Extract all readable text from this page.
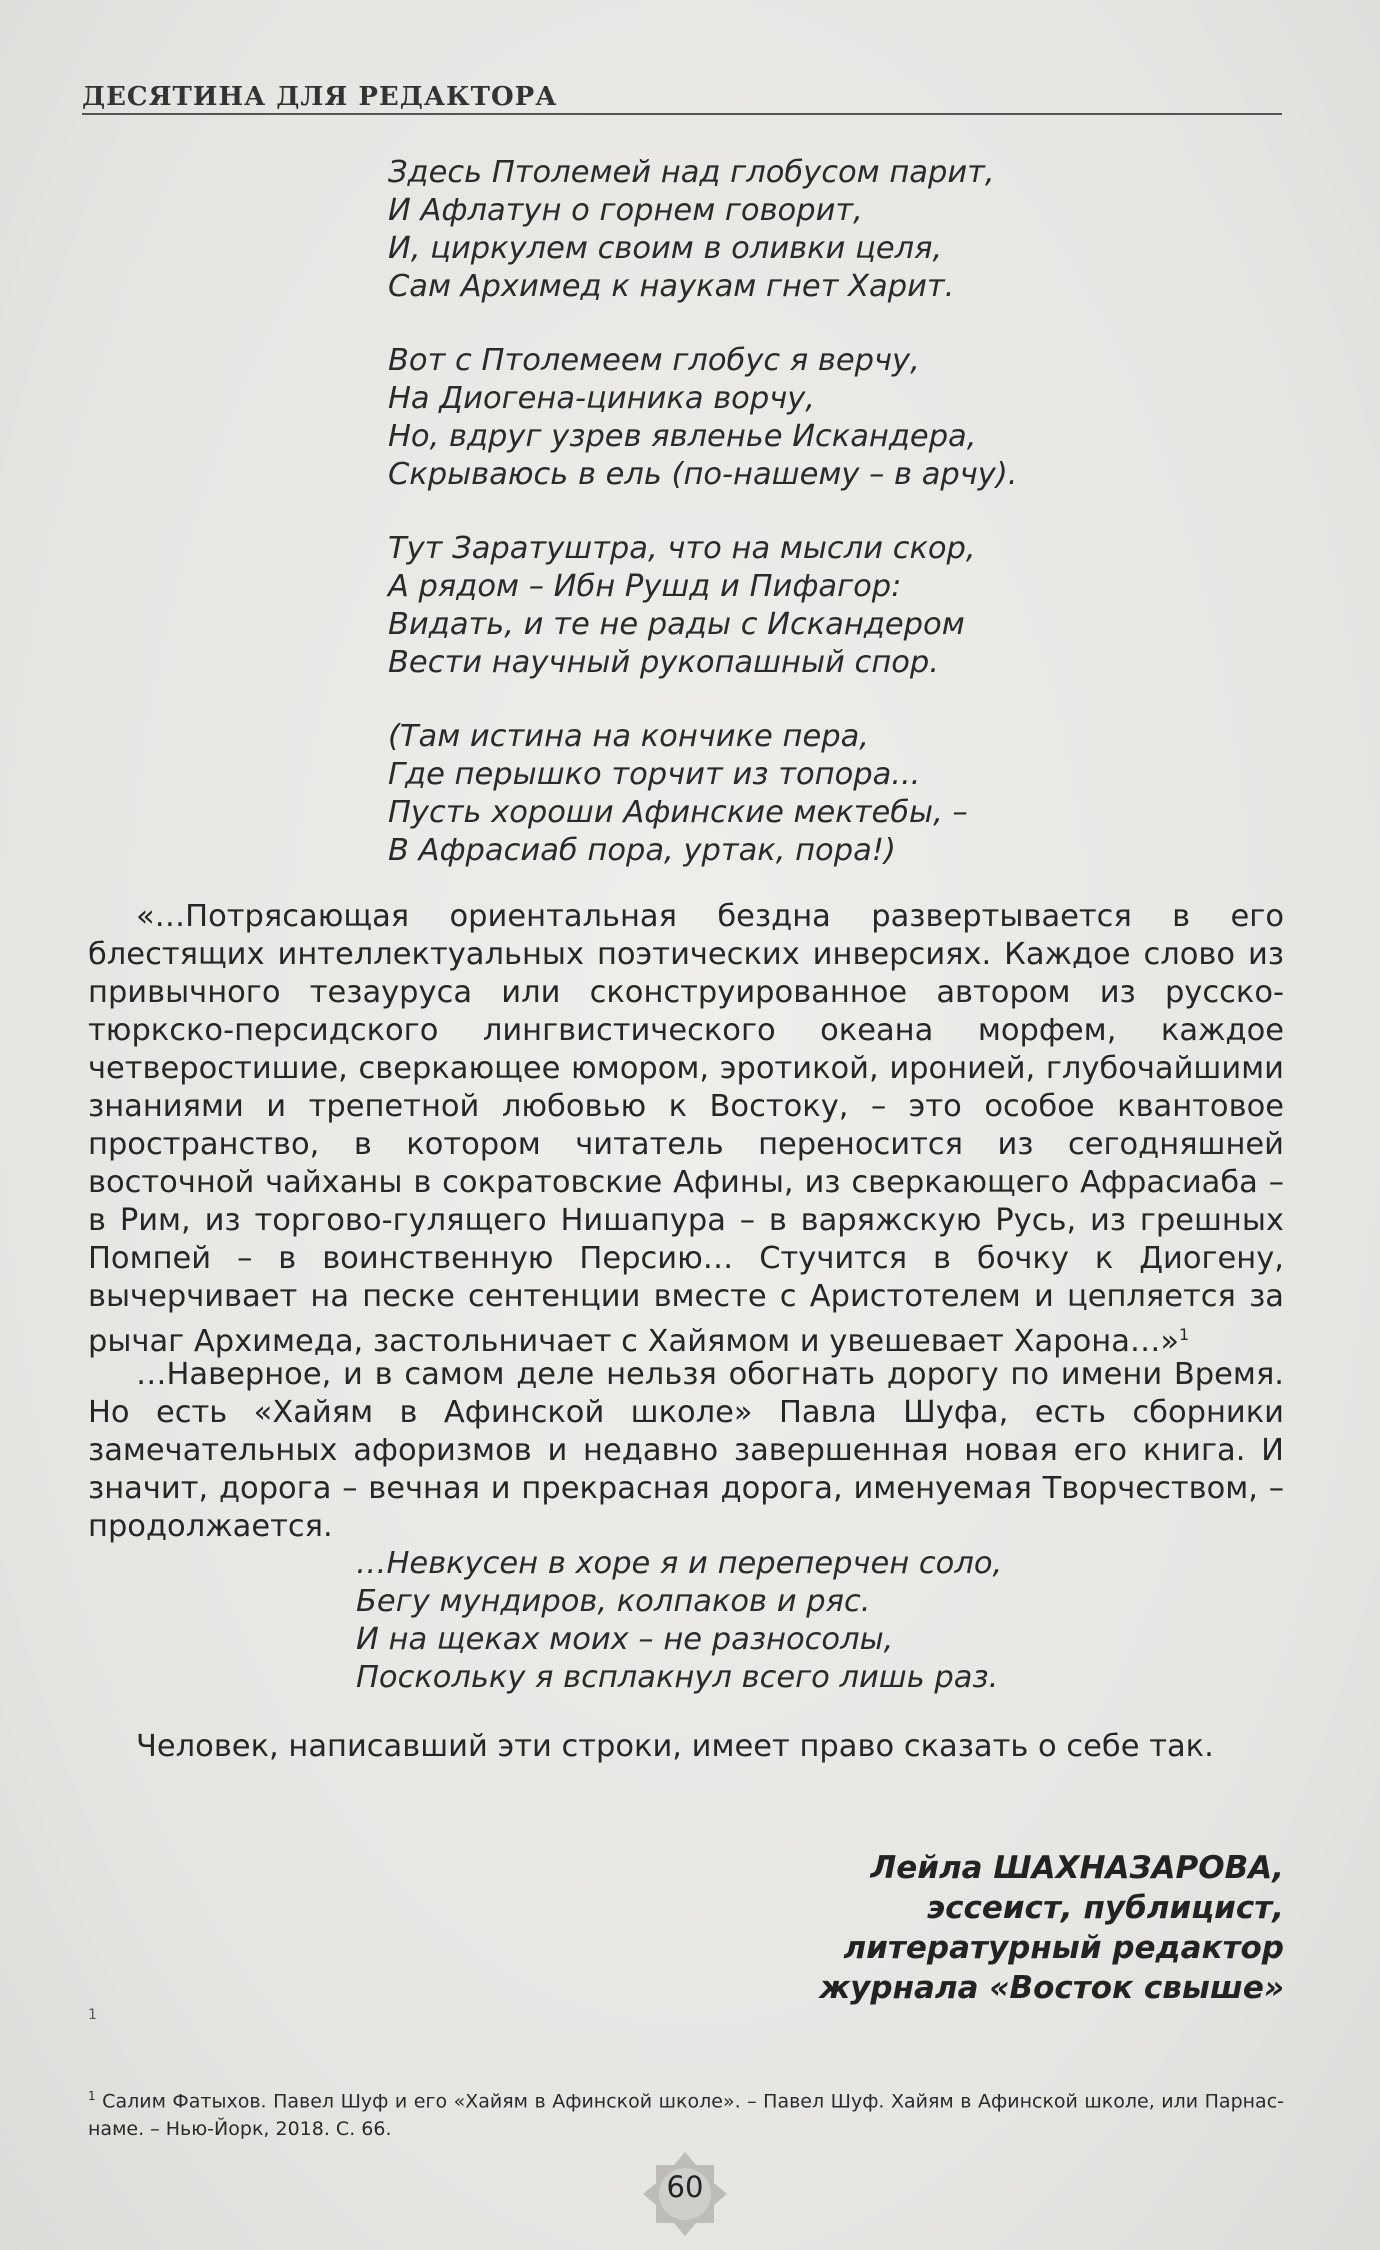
ДЕСЯТИНА ДЛЯ РЕДАКТОРА
Здесь Птолемей над глобусом парит,
И Афлатун о горнем говорит,
И, циркулем своим в оливки целя,
Сам Архимед к наукам гнет Харит.
Вот с Птолемеем глобус я верчу,
На Диогена-циника ворчу,
Но, вдруг узрев явленье Искандера,
Скрываюсь в ель (по-нашему – в арчу).
Тут Заратуштра, что на мысли скор,
А рядом – Ибн Рушд и Пифагор:
Видать, и те не рады с Искандером
Вести научный рукопашный спор.
(Там истина на кончике пера,
Где перышко торчит из топора...
Пусть хороши Афинские мектебы, –
В Афрасиаб пора, уртак, пора!)

«…Потрясающая ориентальная бездна развертывается в его блестящих интеллектуальных поэтических инверсиях. Каждое слово из привычного тезауруса или сконструированное автором из русско-тюркско-персидского лингвистического океана морфем, каждое четверостишие, сверкающее юмором, эротикой, иронией, глубочайшими знаниями и трепетной любовью к Востоку, – это особое квантовое пространство, в котором читатель переносится из сегодняшней восточной чайханы в сократовские Афины, из сверкающего Афрасиаба – в Рим, из торгово-гулящего Нишапура – в варяжскую Русь, из грешных Помпей – в воинственную Персию… Стучится в бочку к Диогену, вычерчивает на песке сентенции вместе с Аристотелем и цепляется за рычаг Архимеда, застольничает с Хайямом и увешевает Харона…»$^1$

…Наверное, и в самом деле нельзя обогнать дорогу по имени Время. Но есть «Хайям в Афинской школе» Павла Шуфа, есть сборники замечательных афоризмов и недавно завершенная новая его книга. И значит, дорога – вечная и прекрасная дорога, именуемая Творчеством, – продолжается.

…Невкусен в хоре я и переперчен соло,
Бегу мундиров, колпаков и ряс.
И на щеках моих – не разносолы,
Поскольку я всплакнул всего лишь раз.

Человек, написавший эти строки, имеет право сказать о себе так.

Лейла ШАХНАЗАРОВА,
эссеист, публицист,
литературный редактор
журнала «Восток свыше»
1
$^1$ Салим Фатыхов. Павел Шуф и его «Хайям в Афинской школе». – Павел Шуф. Хайям в Афинской школе, или Парнас-наме. – Нью-Йорк, 2018. С. 66.
60
